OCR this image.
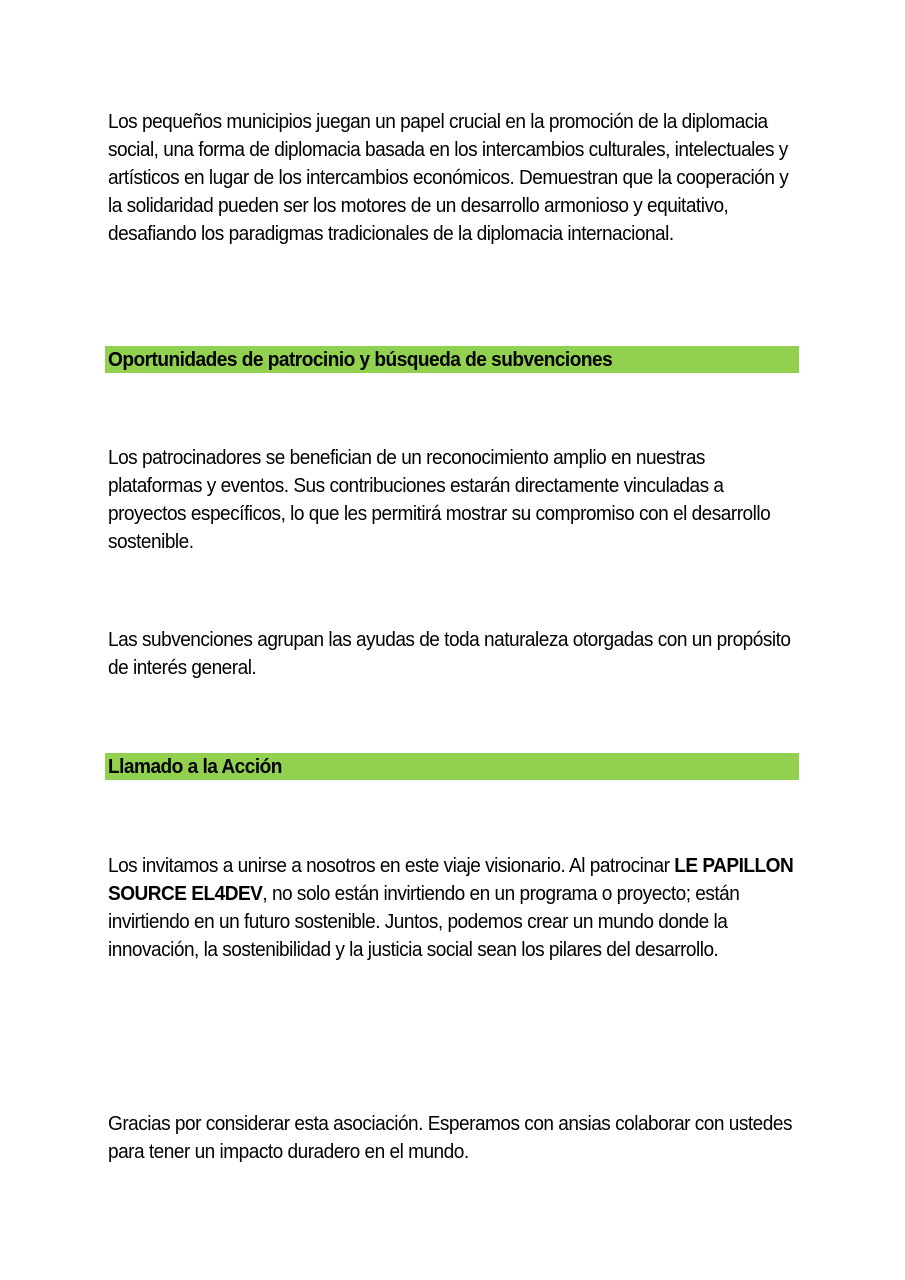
Los pequeños municipios juegan un papel crucial en la promoción de la diplomacia social, una forma de diplomacia basada en los intercambios culturales, intelectuales y artísticos en lugar de los intercambios económicos. Demuestran que la cooperación y la solidaridad pueden ser los motores de un desarrollo armonioso y equitativo, desafiando los paradigmas tradicionales de la diplomacia internacional.

Oportunidades de patrocinio y búsqueda de subvenciones

Los patrocinadores se benefician de un reconocimiento amplio en nuestras plataformas y eventos. Sus contribuciones estarán directamente vinculadas a proyectos específicos, lo que les permitirá mostrar su compromiso con el desarrollo sostenible.

Las subvenciones agrupan las ayudas de toda naturaleza otorgadas con un propósito de interés general.

Llamado a la Acción

Los invitamos a unirse a nosotros en este viaje visionario. Al patrocinar LE PAPILLON SOURCE EL4DEV, no solo están invirtiendo en un programa o proyecto; están invirtiendo en un futuro sostenible. Juntos, podemos crear un mundo donde la innovación, la sostenibilidad y la justicia social sean los pilares del desarrollo.

Gracias por considerar esta asociación. Esperamos con ansias colaborar con ustedes para tener un impacto duradero en el mundo.
